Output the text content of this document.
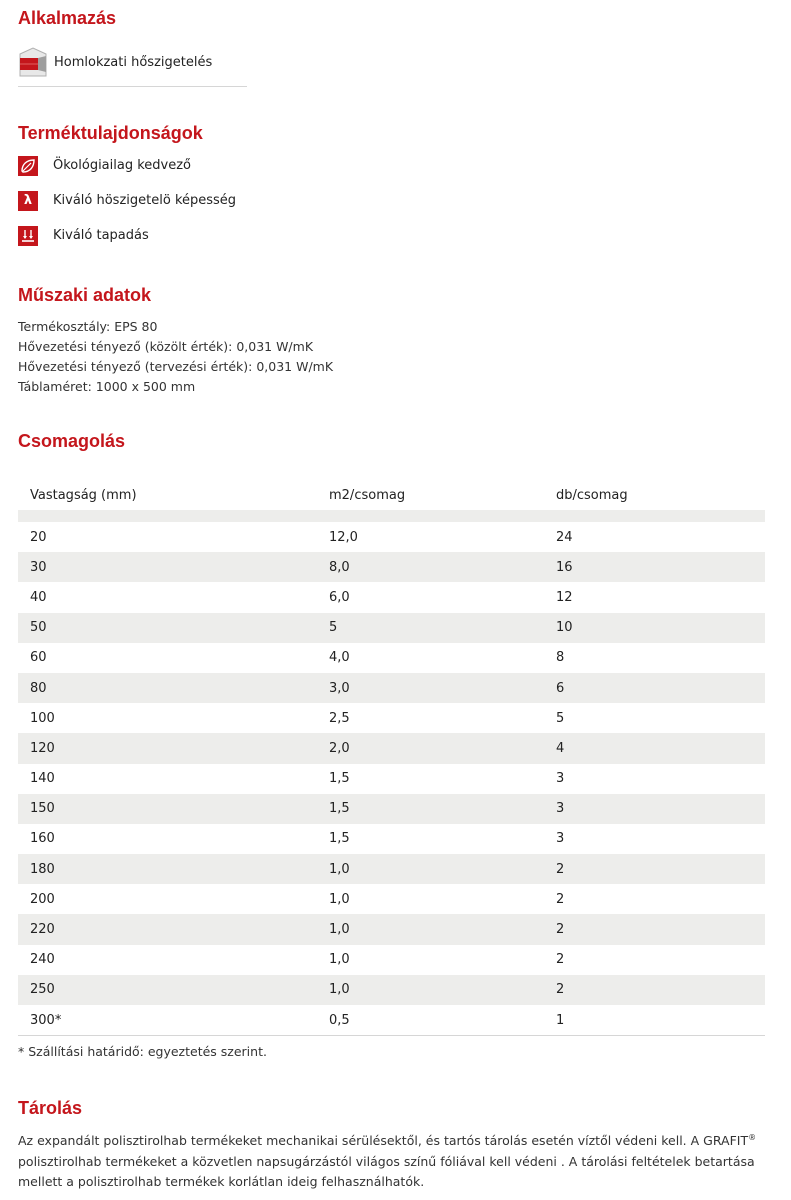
Alkalmazás
Homlokzati hőszigetelés
Terméktulajdonságok
Ökológiailag kedvező
λ	Kiváló höszigetelö képesség
Kiváló tapadás
Műszaki adatok
Termékosztály: EPS 80
Hővezetési tényező (közölt érték): 0,031 W/mK
Hővezetési tényező (tervezési érték): 0,031 W/mK
Táblaméret: 1000 x 500 mm
Csomagolás
Vastagság (mm)	m2/csomag	db/csomag

20	12,0	24
30	8,0	16
40	6,0	12
50	5	10
60	4,0	8
80	3,0	6
100	2,5	5
120	2,0	4
140	1,5	3
150	1,5	3
160	1,5	3
180	1,0	2
200	1,0	2
220	1,0	2
240	1,0	2
250	1,0	2
300*	0,5	1
* Szállítási határidő: egyeztetés szerint.
Tárolás
Az expandált polisztirolhab termékeket mechanikai sérülésektől, és tartós tárolás esetén víztől védeni kell. A GRAFIT® polisztirolhab termékeket a közvetlen napsugárzástól világos színű fóliával kell védeni . A tárolási feltételek betartása mellett a polisztirolhab termékek korlátlan ideig felhasználhatók.
